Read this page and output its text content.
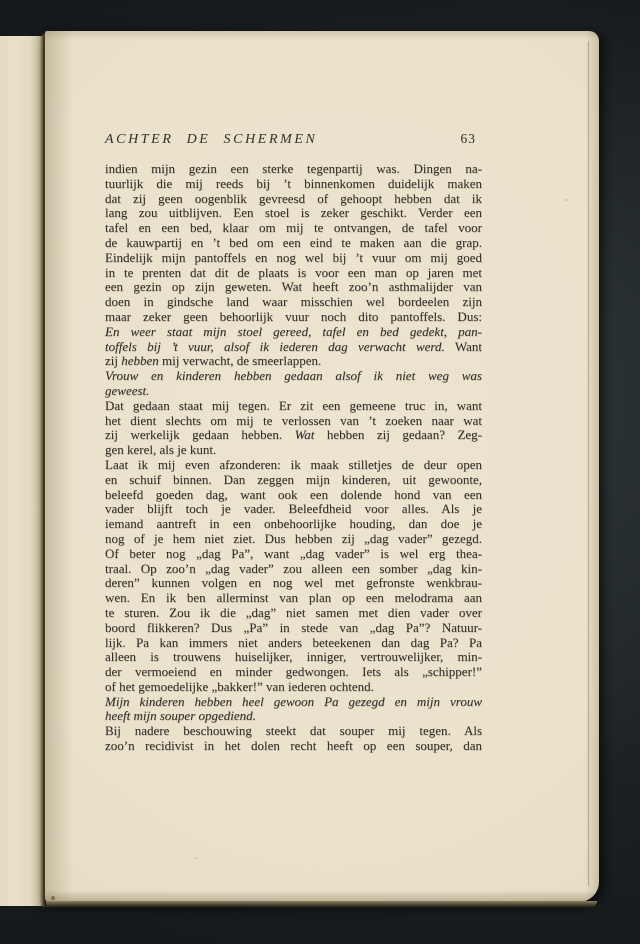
ACHTER DE SCHERMEN	63
indien mijn gezin een sterke tegenpartij was. Dingen na-
tuurlijk die mij reeds bij ’t binnenkomen duidelijk maken
dat zij geen oogenblik gevreesd of gehoopt hebben dat ik
lang zou uitblijven. Een stoel is zeker geschikt. Verder een
tafel en een bed, klaar om mij te ontvangen, de tafel voor
de kauwpartij en ’t bed om een eind te maken aan die grap.
Eindelijk mijn pantoffels en nog wel bij ’t vuur om mij goed
in te prenten dat dit de plaats is voor een man op jaren met
een gezin op zijn geweten. Wat heeft zoo’n asthmalijder van
doen in gindsche land waar misschien wel bordeelen zijn
maar zeker geen behoorlijk vuur noch dito pantoffels. Dus:
En weer staat mijn stoel gereed, tafel en bed gedekt, pan-
toffels bij ’t vuur, alsof ik iederen dag verwacht werd. Want
zij hebben mij verwacht, de smeerlappen.
Vrouw en kinderen hebben gedaan alsof ik niet weg was
geweest.
Dat gedaan staat mij tegen. Er zit een gemeene truc in, want
het dient slechts om mij te verlossen van ’t zoeken naar wat
zij werkelijk gedaan hebben. Wat hebben zij gedaan? Zeg-
gen kerel, als je kunt.
Laat ik mij even afzonderen: ik maak stilletjes de deur open
en schuif binnen. Dan zeggen mijn kinderen, uit gewoonte,
beleefd goeden dag, want ook een dolende hond van een
vader blijft toch je vader. Beleefdheid voor alles. Als je
iemand aantreft in een onbehoorlijke houding, dan doe je
nog of je hem niet ziet. Dus hebben zij „dag vader” gezegd.
Of beter nog „dag Pa”, want „dag vader” is wel erg thea-
traal. Op zoo’n „dag vader” zou alleen een somber „dag kin-
deren” kunnen volgen en nog wel met gefronste wenkbrau-
wen. En ik ben allerminst van plan op een melodrama aan
te sturen. Zou ik die „dag” niet samen met dien vader over
boord flikkeren? Dus „Pa” in stede van „dag Pa”? Natuur-
lijk. Pa kan immers niet anders beteekenen dan dag Pa? Pa
alleen is trouwens huiselijker, inniger, vertrouwelijker, min-
der vermoeiend en minder gedwongen. Iets als „schipper!”
of het gemoedelijke „bakker!” van iederen ochtend.
Mijn kinderen hebben heel gewoon Pa gezegd en mijn vrouw
heeft mijn souper opgediend.
Bij nadere beschouwing steekt dat souper mij tegen. Als
zoo’n recidivist in het dolen recht heeft op een souper, dan
